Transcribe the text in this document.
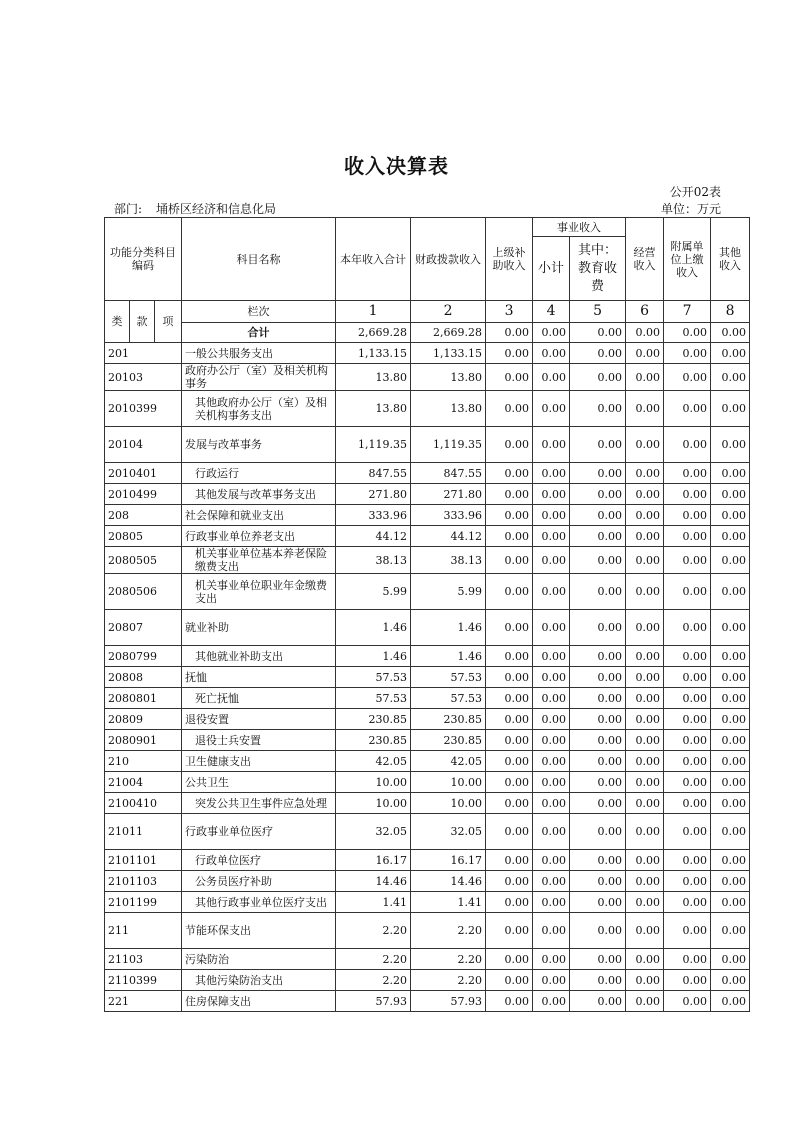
收入决算表
公开02表
部门: 埇桥区经济和信息化局	单位：万元
功能分类科目编码			科目名称	本年收入合计	财政拨款收入	上级补助收入	事业收入		经营收入	附属单位上缴收入	其他收入
							小计	其中：教育收费			

类	款	项	栏次	1	2	3	4	5	6	7	8
			合计	2,669.28	2,669.28	0.00	0.00	0.00	0.00	0.00	0.00
201			一般公共服务支出	1,133.15	1,133.15	0.00	0.00	0.00	0.00	0.00	0.00
20103			政府办公厅（室）及相关机构事务	13.80	13.80	0.00	0.00	0.00	0.00	0.00	0.00
2010399			其他政府办公厅（室）及相关机构事务支出	13.80	13.80	0.00	0.00	0.00	0.00	0.00	0.00
20104			发展与改革事务	1,119.35	1,119.35	0.00	0.00	0.00	0.00	0.00	0.00
2010401			行政运行	847.55	847.55	0.00	0.00	0.00	0.00	0.00	0.00
2010499			其他发展与改革事务支出	271.80	271.80	0.00	0.00	0.00	0.00	0.00	0.00
208			社会保障和就业支出	333.96	333.96	0.00	0.00	0.00	0.00	0.00	0.00
20805			行政事业单位养老支出	44.12	44.12	0.00	0.00	0.00	0.00	0.00	0.00
2080505			机关事业单位基本养老保险缴费支出	38.13	38.13	0.00	0.00	0.00	0.00	0.00	0.00
2080506			机关事业单位职业年金缴费支出	5.99	5.99	0.00	0.00	0.00	0.00	0.00	0.00
20807			就业补助	1.46	1.46	0.00	0.00	0.00	0.00	0.00	0.00
2080799			其他就业补助支出	1.46	1.46	0.00	0.00	0.00	0.00	0.00	0.00
20808			抚恤	57.53	57.53	0.00	0.00	0.00	0.00	0.00	0.00
2080801			死亡抚恤	57.53	57.53	0.00	0.00	0.00	0.00	0.00	0.00
20809			退役安置	230.85	230.85	0.00	0.00	0.00	0.00	0.00	0.00
2080901			退役士兵安置	230.85	230.85	0.00	0.00	0.00	0.00	0.00	0.00
210			卫生健康支出	42.05	42.05	0.00	0.00	0.00	0.00	0.00	0.00
21004			公共卫生	10.00	10.00	0.00	0.00	0.00	0.00	0.00	0.00
2100410			突发公共卫生事件应急处理	10.00	10.00	0.00	0.00	0.00	0.00	0.00	0.00
21011			行政事业单位医疗	32.05	32.05	0.00	0.00	0.00	0.00	0.00	0.00
2101101			行政单位医疗	16.17	16.17	0.00	0.00	0.00	0.00	0.00	0.00
2101103			公务员医疗补助	14.46	14.46	0.00	0.00	0.00	0.00	0.00	0.00
2101199			其他行政事业单位医疗支出	1.41	1.41	0.00	0.00	0.00	0.00	0.00	0.00
211			节能环保支出	2.20	2.20	0.00	0.00	0.00	0.00	0.00	0.00
21103			污染防治	2.20	2.20	0.00	0.00	0.00	0.00	0.00	0.00
2110399			其他污染防治支出	2.20	2.20	0.00	0.00	0.00	0.00	0.00	0.00
221			住房保障支出	57.93	57.93	0.00	0.00	0.00	0.00	0.00	0.00
